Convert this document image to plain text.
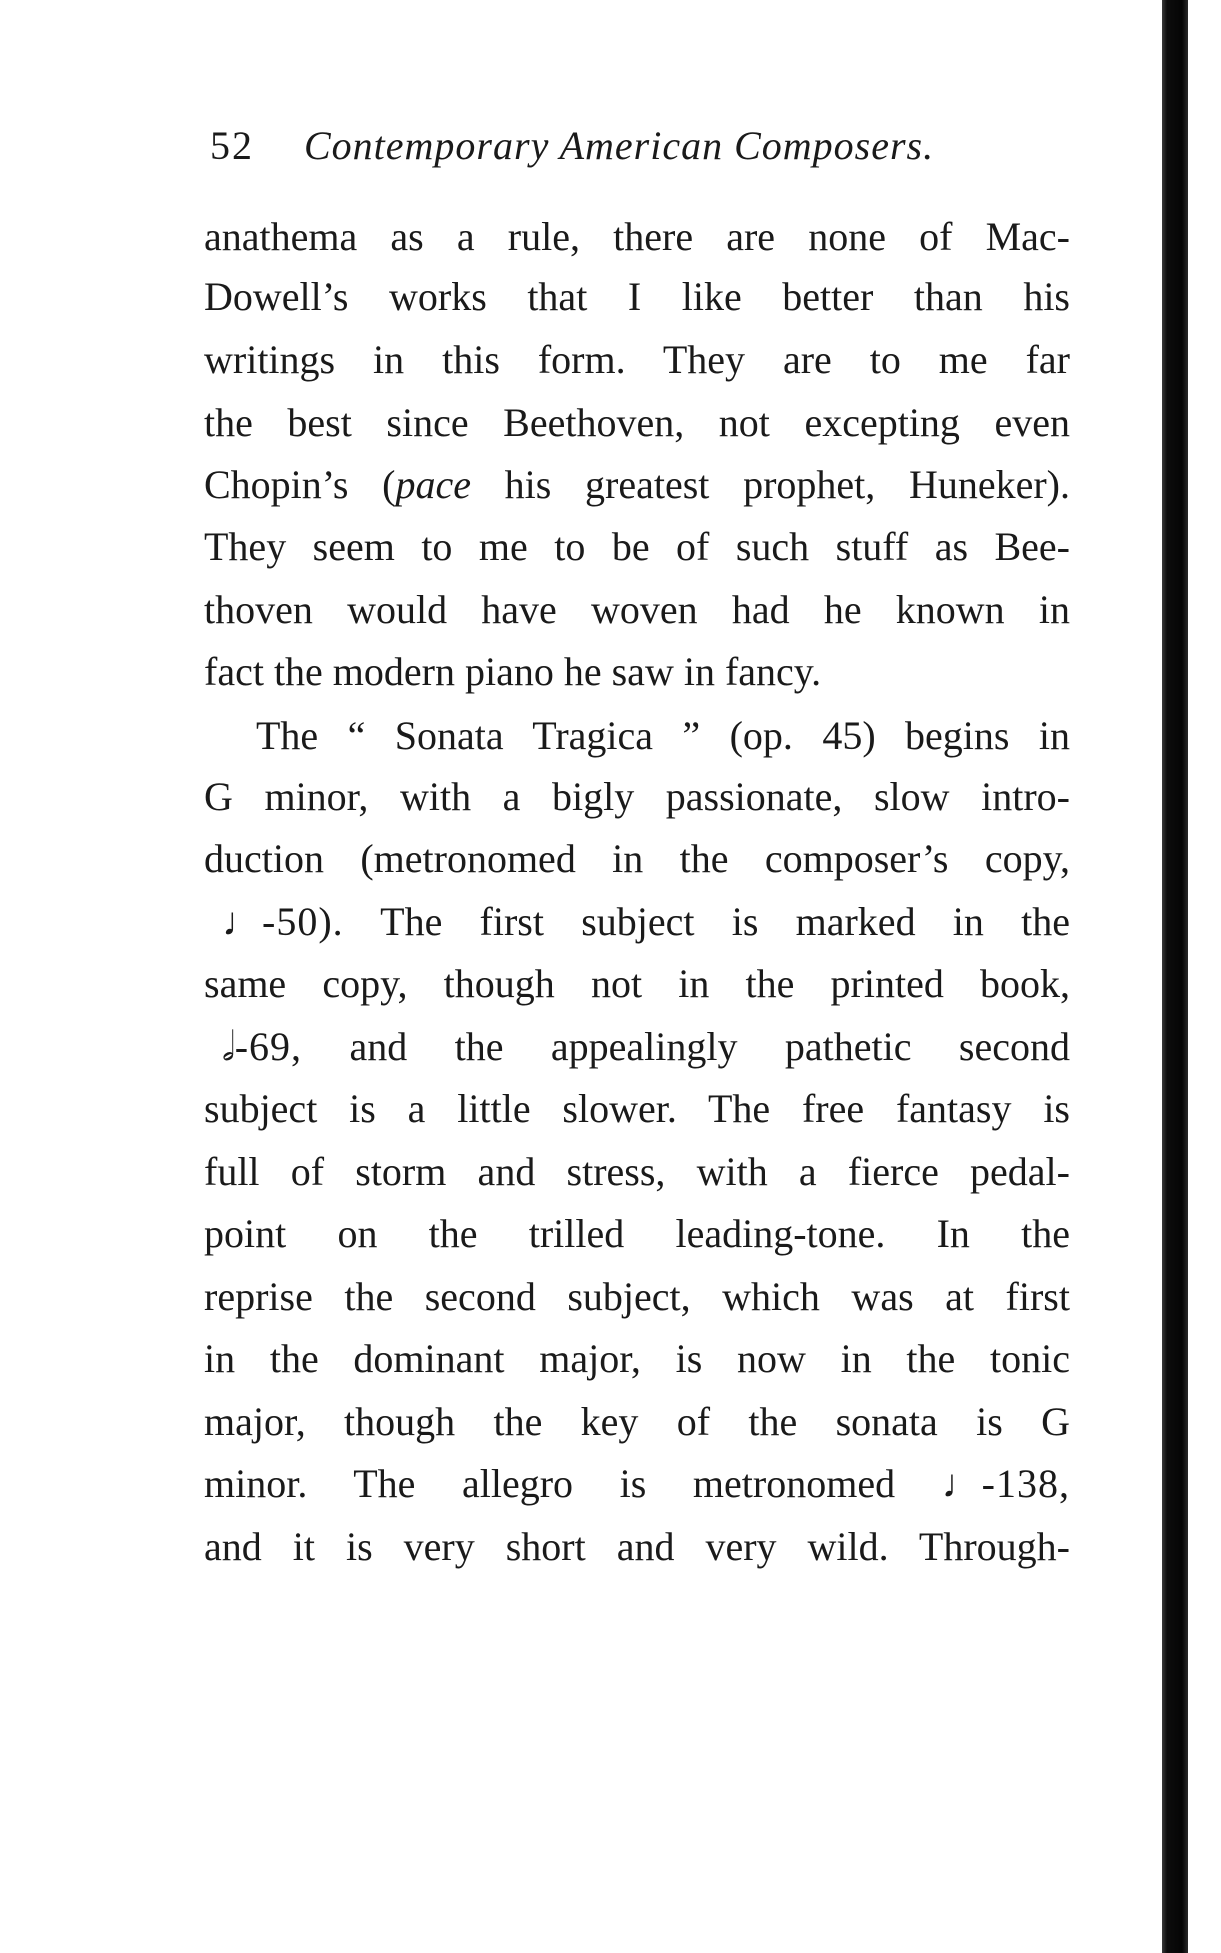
52 Contemporary American Composers.
anathema as a rule, there are none of Mac-
Dowell’s works that I like better than his
writings in this form. They are to me far
the best since Beethoven, not excepting even
Chopin’s (pace his greatest prophet, Huneker).
They seem to me to be of such stuff as Bee-
thoven would have woven had he known in
fact the modern piano he saw in fancy.
The “ Sonata Tragica ” (op. 45) begins in
G minor, with a bigly passionate, slow intro-
duction (metronomed in the composer’s copy,
♩-50). The first subject is marked in the
same copy, though not in the printed book,
𝅗𝅥-69, and the appealingly pathetic second
subject is a little slower. The free fantasy is
full of storm and stress, with a fierce pedal-
point on the trilled leading-tone. In the
reprise the second subject, which was at first
in the dominant major, is now in the tonic
major, though the key of the sonata is G
minor. The allegro is metronomed ♩-138,
and it is very short and very wild. Through-
